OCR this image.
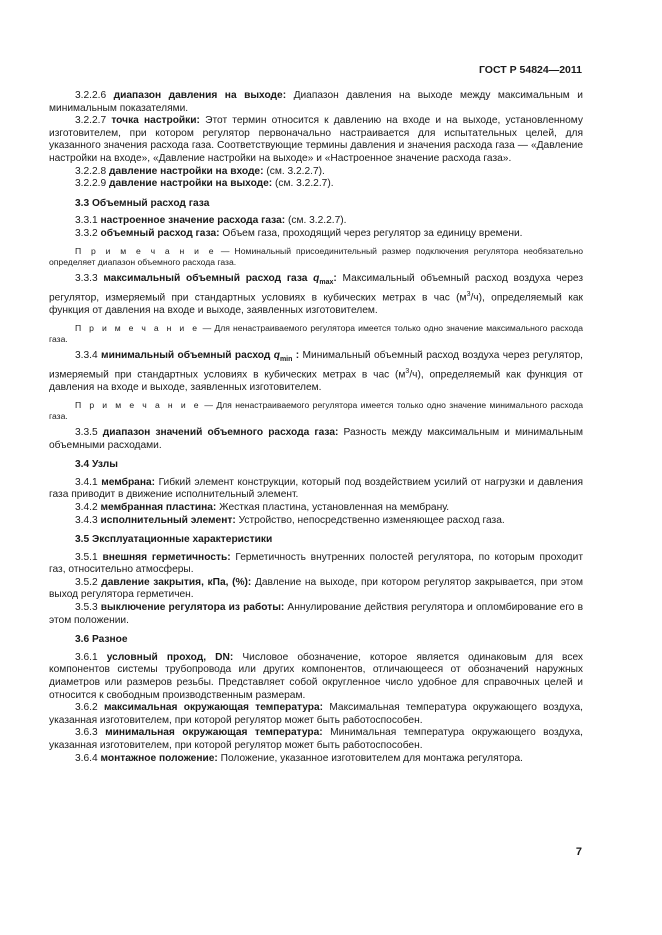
ГОСТ Р 54824—2011

3.2.2.6 диапазон давления на выходе: Диапазон давления на выходе между максимальным и минимальным показателями.

3.2.2.7 точка настройки: Этот термин относится к давлению на входе и на выходе, установленному изготовителем, при котором регулятор первоначально настраивается для испытательных целей, для указанного значения расхода газа. Соответствующие термины давления и значения расхода газа — «Давление настройки на входе», «Давление настройки на выходе» и «Настроенное значение расхода газа».

3.2.2.8 давление настройки на входе: (см. 3.2.2.7).

3.2.2.9 давление настройки на выходе: (см. 3.2.2.7).

3.3 Объемный расход газа

3.3.1 настроенное значение расхода газа: (см. 3.2.2.7).

3.3.2 объемный расход газа: Объем газа, проходящий через регулятор за единицу времени.

П р и м е ч а н и е — Номинальный присоединительный размер подключения регулятора необязательно определяет диапазон объемного расхода газа.

3.3.3 максимальный объемный расход газа $q_{max}$: Максимальный объемный расход воздуха через регулятор, измеряемый при стандартных условиях в кубических метрах в час $(м^3/ч)$, определяемый как функция от давления на входе и выходе, заявленных изготовителем.

П р и м е ч а н и е — Для ненастраиваемого регулятора имеется только одно значение максимального расхода газа.

3.3.4 минимальный объемный расход $q_{min}$ : Минимальный объемный расход воздуха через регулятор, измеряемый при стандартных условиях в кубических метрах в час $(м^3/ч)$, определяемый как функция от давления на входе и выходе, заявленных изготовителем.

П р и м е ч а н и е — Для ненастраиваемого регулятора имеется только одно значение минимального расхода газа.

3.3.5 диапазон значений объемного расхода газа: Разность между максимальным и минимальным объемными расходами.

3.4 Узлы

3.4.1 мембрана: Гибкий элемент конструкции, который под воздействием усилий от нагрузки и давления газа приводит в движение исполнительный элемент.

3.4.2 мембранная пластина: Жесткая пластина, установленная на мембрану.

3.4.3 исполнительный элемент: Устройство, непосредственно изменяющее расход газа.

3.5 Эксплуатационные характеристики

3.5.1 внешняя герметичность: Герметичность внутренних полостей регулятора, по которым проходит газ, относительно атмосферы.

3.5.2 давление закрытия, кПа, (%): Давление на выходе, при котором регулятор закрывается, при этом выход регулятора герметичен.

3.5.3 выключение регулятора из работы: Аннулирование действия регулятора и опломбирование его в этом положении.

3.6 Разное

3.6.1 условный проход, DN: Числовое обозначение, которое является одинаковым для всех компонентов системы трубопровода или других компонентов, отличающееся от обозначений наружных диаметров или размеров резьбы. Представляет собой округленное число удобное для справочных целей и относится к свободным производственным размерам.

3.6.2 максимальная окружающая температура: Максимальная температура окружающего воздуха, указанная изготовителем, при которой регулятор может быть работоспособен.

3.6.3 минимальная окружающая температура: Минимальная температура окружающего воздуха, указанная изготовителем, при которой регулятор может быть работоспособен.

3.6.4 монтажное положение: Положение, указанное изготовителем для монтажа регулятора.

7
